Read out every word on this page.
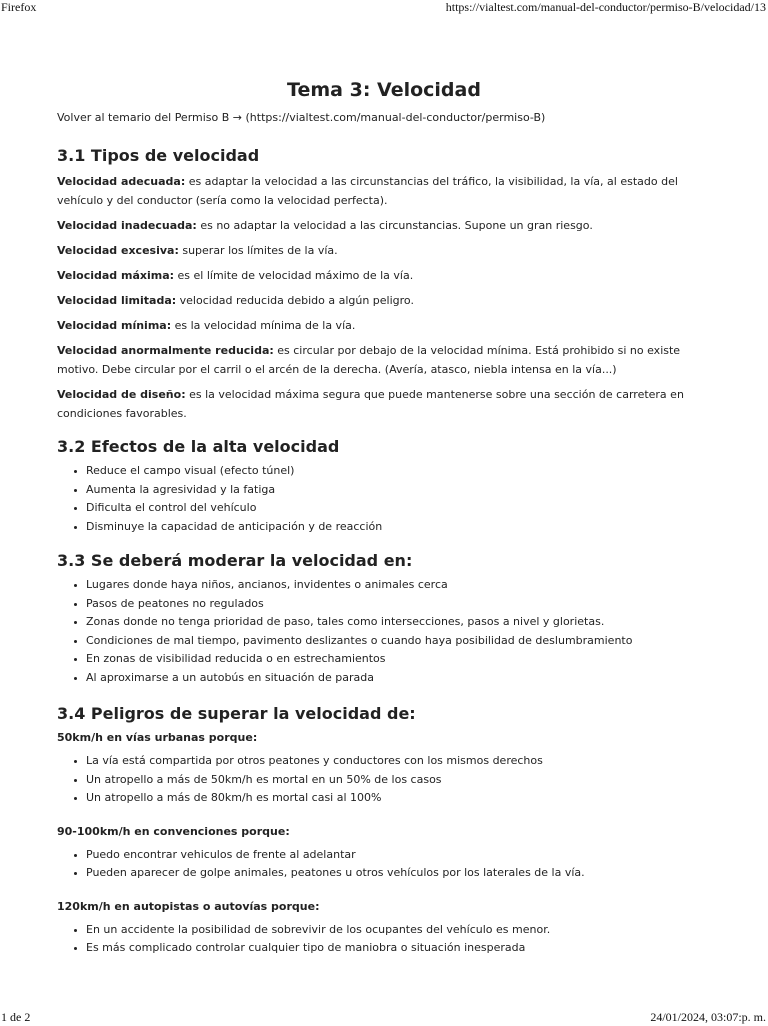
Firefox	https://vialtest.com/manual-del-conductor/permiso-B/velocidad/13
Tema 3: Velocidad

Volver al temario del Permiso B → (https://vialtest.com/manual-del-conductor/permiso-B)

3.1 Tipos de velocidad

Velocidad adecuada: es adaptar la velocidad a las circunstancias del tráfico, la visibilidad, la vía, al estado del vehículo y del conductor (sería como la velocidad perfecta).

Velocidad inadecuada: es no adaptar la velocidad a las circunstancias. Supone un gran riesgo.

Velocidad excesiva: superar los límites de la vía.

Velocidad máxima: es el límite de velocidad máximo de la vía.

Velocidad limitada: velocidad reducida debido a algún peligro.

Velocidad mínima: es la velocidad mínima de la vía.

Velocidad anormalmente reducida: es circular por debajo de la velocidad mínima. Está prohibido si no existe motivo. Debe circular por el carril o el arcén de la derecha. (Avería, atasco, niebla intensa en la vía...)

Velocidad de diseño: es la velocidad máxima segura que puede mantenerse sobre una sección de carretera en condiciones favorables.

3.2 Efectos de la alta velocidad
• Reduce el campo visual (efecto túnel)
• Aumenta la agresividad y la fatiga
• Dificulta el control del vehículo
• Disminuye la capacidad de anticipación y de reacción
3.3 Se deberá moderar la velocidad en:
• Lugares donde haya niños, ancianos, invidentes o animales cerca
• Pasos de peatones no regulados
• Zonas donde no tenga prioridad de paso, tales como intersecciones, pasos a nivel y glorietas.
• Condiciones de mal tiempo, pavimento deslizantes o cuando haya posibilidad de deslumbramiento
• En zonas de visibilidad reducida o en estrechamientos
• Al aproximarse a un autobús en situación de parada
3.4 Peligros de superar la velocidad de:

50km/h en vías urbanas porque:

• La vía está compartida por otros peatones y conductores con los mismos derechos
• Un atropello a más de 50km/h es mortal en un 50% de los casos
• Un atropello a más de 80km/h es mortal casi al 100%

90-100km/h en convenciones porque:

• Puedo encontrar vehiculos de frente al adelantar
• Pueden aparecer de golpe animales, peatones u otros vehículos por los laterales de la vía.

120km/h en autopistas o autovías porque:

• En un accidente la posibilidad de sobrevivir de los ocupantes del vehículo es menor.
• Es más complicado controlar cualquier tipo de maniobra o situación inesperada
1 de 2	24/01/2024, 03:07:p. m.
